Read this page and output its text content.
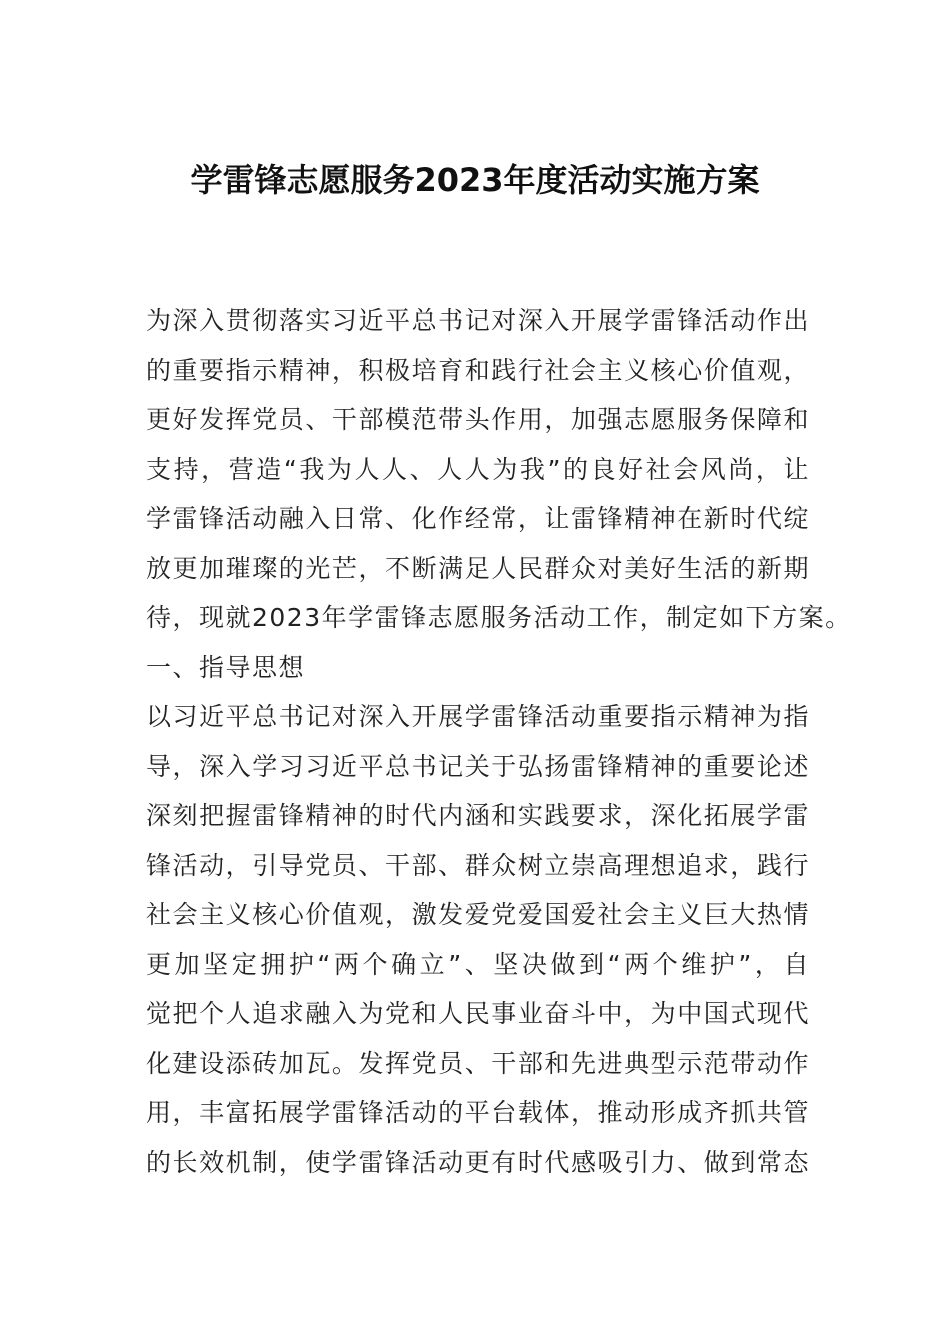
学雷锋志愿服务2023年度活动实施方案

为深入贯彻落实习近平总书记对深入开展学雷锋活动作出
的重要指示精神，积极培育和践行社会主义核心价值观，
更好发挥党员、干部模范带头作用，加强志愿服务保障和
支持，营造“我为人人、人人为我”的良好社会风尚，让
学雷锋活动融入日常、化作经常，让雷锋精神在新时代绽
放更加璀璨的光芒，不断满足人民群众对美好生活的新期
待，现就2023年学雷锋志愿服务活动工作，制定如下方案。

一、指导思想

以习近平总书记对深入开展学雷锋活动重要指示精神为指
导，深入学习习近平总书记关于弘扬雷锋精神的重要论述
深刻把握雷锋精神的时代内涵和实践要求，深化拓展学雷
锋活动，引导党员、干部、群众树立崇高理想追求，践行
社会主义核心价值观，激发爱党爱国爱社会主义巨大热情
更加坚定拥护“两个确立”、坚决做到“两个维护”，自
觉把个人追求融入为党和人民事业奋斗中，为中国式现代
化建设添砖加瓦。发挥党员、干部和先进典型示范带动作
用，丰富拓展学雷锋活动的平台载体，推动形成齐抓共管
的长效机制，使学雷锋活动更有时代感吸引力、做到常态
